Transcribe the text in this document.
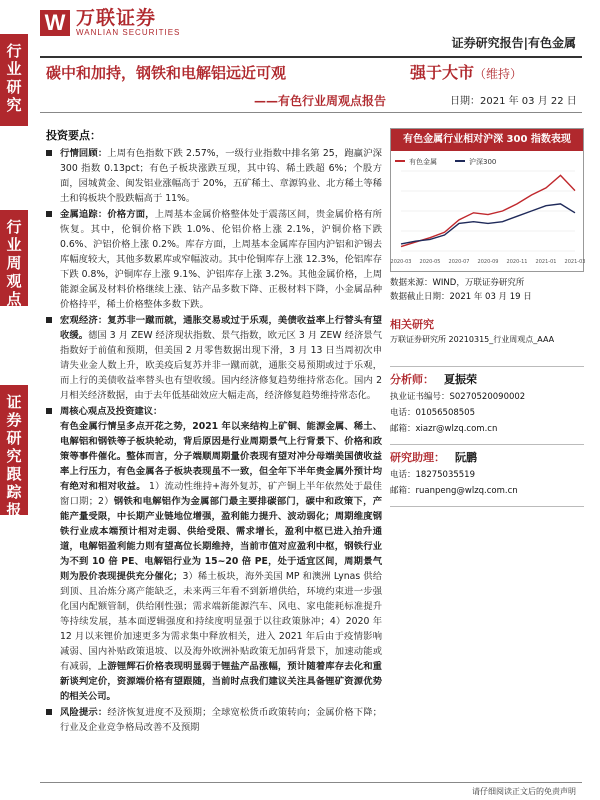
W 万联证券
WANLIAN SECURITIES
证券研究报告|有色金属
行业研究
行业周观点
证券研究跟踪报告
碳中和加持，钢铁和电解铝远近可观
——有色行业周观点报告
强于大市（维持）
日期：2021 年 03 月 22 日
投资要点：
行情回顾：上周有色指数下跌 2.57%，一级行业指数中排名第 25，跑赢沪深 300 指数 0.13pct；有色子板块涨跌互现，其中钨、稀土跌超 6%；个股方面，园城黄金、闽发铝业涨幅高于 20%，五矿稀土、章源钨业、北方稀土等稀土和钨板块个股跌幅高于 11%。
金属追踪：价格方面，上周基本金属价格整体处于震荡区间，贵金属价格有所恢复。其中，伦铜价格下跌 1.0%、伦铝价格上涨 2.1%，沪铜价格下跌 0.6%、沪铝价格上涨 0.2%。库存方面，上周基本金属库存国内沪铝和沪锡去库幅度较大，其他多数累库或窄幅波动。其中伦铜库存上涨 12.3%，伦铝库存下跌 0.8%，沪铜库存上涨 9.1%、沪铝库存上涨 3.2%。其他金属价格，上周能源金属及材料价格继续上涨、钴产品多数下降、正极材料下降，小金属品种价格持平，稀土价格整体多数下跌。
宏观经济：复苏非一蹴而就，通胀交易或过于乐观，美债收益率上行替头有望收缓。德国 3 月 ZEW 经济现状指数、景气指数，欧元区 3 月 ZEW 经济景气指数好于前值和预期，但美国 2 月零售数据出现下滑，3 月 13 日当周初次申请失业金人数上升，欧美疫后复苏并非一蹴而就，通胀交易预期或过于乐观，而上行的美债收益率替头也有望收缓。国内经济修复趋势维持常态化。国内 2 月相关经济数据，由于去年低基础效应大幅走高，经济修复趋势维持常态化。
周核心观点及投资建议：
有色金属行情呈多点开花之势，2021 年以来结构上矿铜、能源金属、稀土、电解铝和钢铁等子板块轮动，背后原因是行业周期景气上行背景下、价格和政策等事件催化。整体而言，分子端顺周期量价表现有望对冲分母端美国债收益率上行压力，有色金属各子板块表现虽不一致，但全年下半年贵金属外预计均有绝对和相对收益。 1）流动性维持+海外复苏，矿产铜上半年依然处于最佳窗口期；2）钢铁和电解铝作为金属部门最主要排碳部门，碳中和政策下，产能产量受限，中长期产业链地位增强，盈利能力提升、波动弱化；周期维度钢铁行业成本端预计相对走弱、供给受限、需求增长，盈利中枢已进入抬升通道，电解铝盈利能力则有望高位长期维持，当前市值对应盈利中枢，钢铁行业为不到 10 倍 PE、电解铝行业为 15~20 倍 PE，处于适宜区间，周期景气则为股价表现提供充分催化；3）稀土板块，海外美国 MP 和澳洲 Lynas 供给到顶、且冶炼分离产能缺乏，未来两三年看不到新增供给，环境约束进一步强化国内配额管制，供给刚性强；需求端新能源汽车、风电、家电能耗标准提升等持续发展，基本面逻辑强度和持续度明显强于以往政策脉冲；4）2020 年 12 月以来锂价加速更多为需求集中释放相关，进入 2021 年后由于疫情影响减弱、国内补贴政策退坡、以及海外欧洲补贴政策无加码背景下，加速动能或有减弱，上游锂辉石价格表现明显弱于锂盐产品涨幅，预计随着库存去化和重新谈判定价，资源端价格有望跟随，当前时点我们建议关注具备锂矿资源优势的相关公司。
风险提示：经济恢复进度不及预期；全球宽松货币政策转向；金属价格下降；行业及企业竞争格局改善不及预期
有色金属行业相对沪深 300 指数表现
有色金属	沪深300
2020-03 2020-05 2020-07 2020-09 2020-11 2021-01 2021-03
数据来源：WIND，万联证券研究所
数据截止日期：2021 年 03 月 19 日
相关研究
万联证券研究所 20210315_行业周观点_AAA
分析师： 夏振荣
执业证书编号：S0270520090002
电话：01056508505
邮箱：xiazr@wlzq.com.cn
研究助理： 阮鹏
电话：18275035519
邮箱：ruanpeng@wlzq.com.cn
请仔细阅读正文后的免责声明
